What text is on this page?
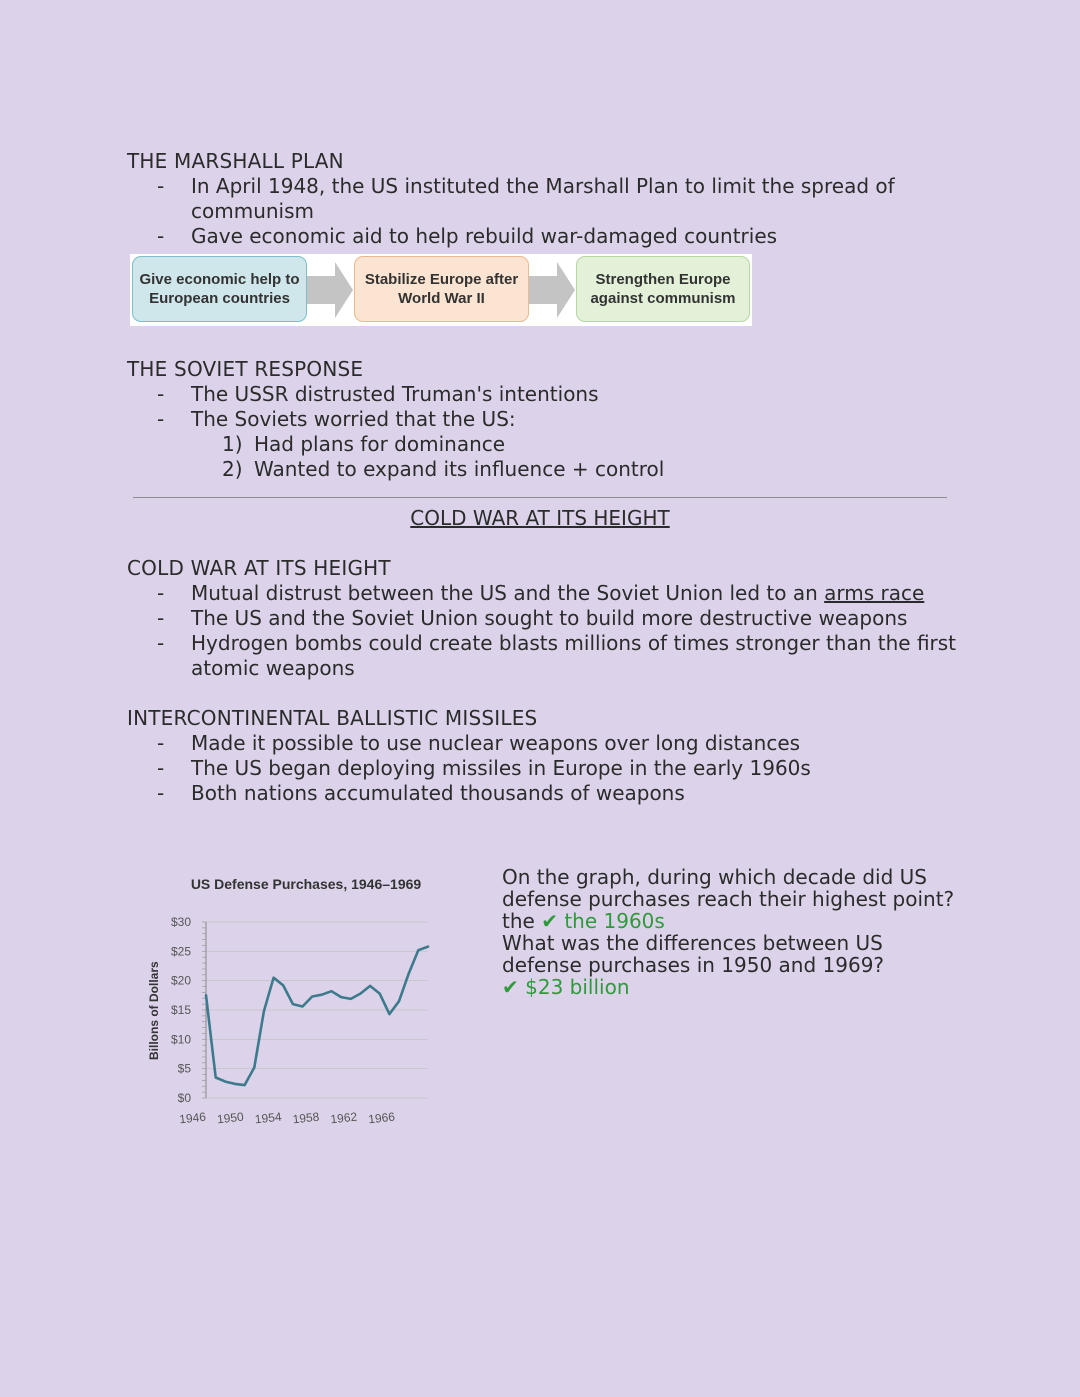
THE MARSHALL PLAN
- In April 1948, the US instituted the Marshall Plan to limit the spread of communism
- Gave economic aid to help rebuild war-damaged countries
Give economic help to European countries
Stabilize Europe after World War II
Strengthen Europe against communism
THE SOVIET RESPONSE
- The USSR distrusted Truman's intentions
- The Soviets worried that the US:
1) Had plans for dominance
2) Wanted to expand its influence + control
COLD WAR AT ITS HEIGHT
COLD WAR AT ITS HEIGHT
- Mutual distrust between the US and the Soviet Union led to an arms race
- The US and the Soviet Union sought to build more destructive weapons
- Hydrogen bombs could create blasts millions of times stronger than the first atomic weapons
INTERCONTINENTAL BALLISTIC MISSILES
- Made it possible to use nuclear weapons over long distances
- The US began deploying missiles in Europe in the early 1960s
- Both nations accumulated thousands of weapons
US Defense Purchases, 1946–1969
$0
$5
$10
$15
$20
$25
$30
Billons of Dollars
1946 1950 1954 1958 1962 1966
On the graph, during which decade did US defense purchases reach their highest point?
the ✔ the 1960s
What was the differences between US defense purchases in 1950 and 1969?
✔ $23 billion
